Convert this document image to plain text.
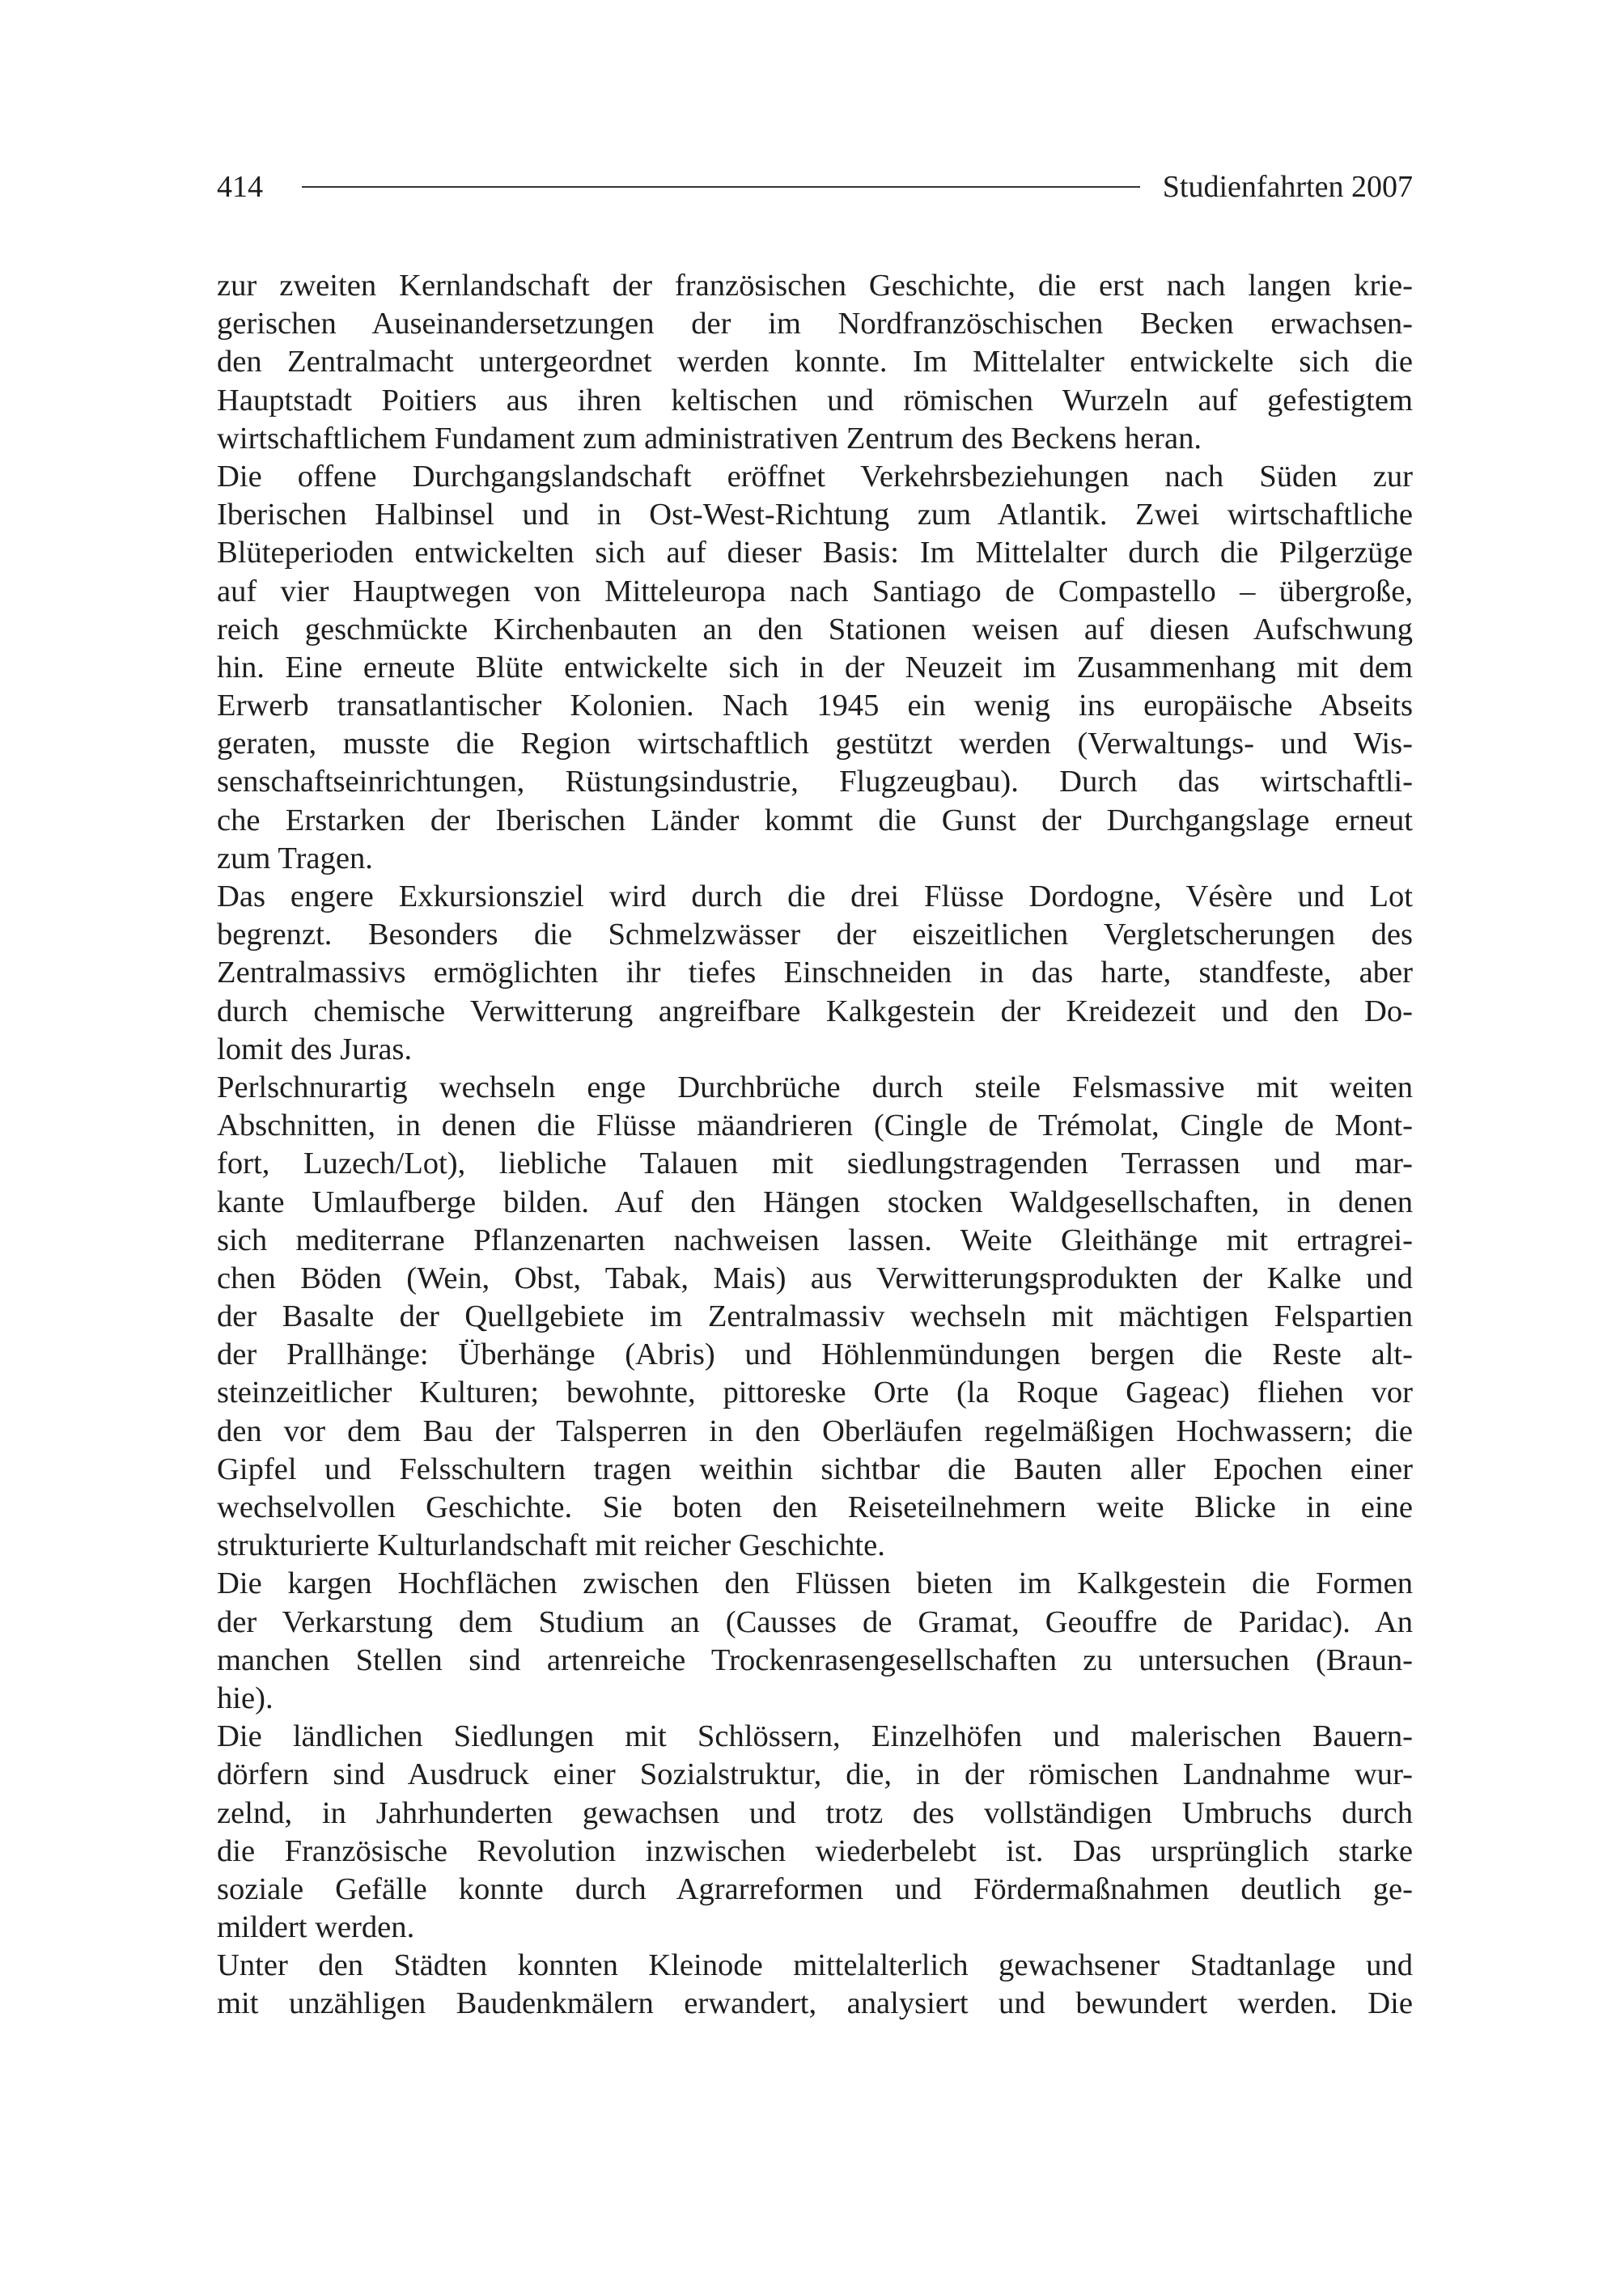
414	Studienfahrten 2007
zur zweiten Kernlandschaft der französischen Geschichte, die erst nach langen krie-
gerischen Auseinandersetzungen der im Nordfranzöschischen Becken erwachsen-
den Zentralmacht untergeordnet werden konnte. Im Mittelalter entwickelte sich die
Hauptstadt Poitiers aus ihren keltischen und römischen Wurzeln auf gefestigtem
wirtschaftlichem Fundament zum administrativen Zentrum des Beckens heran.
Die offene Durchgangslandschaft eröffnet Verkehrsbeziehungen nach Süden zur
Iberischen Halbinsel und in Ost-West-Richtung zum Atlantik. Zwei wirtschaftliche
Blüteperioden entwickelten sich auf dieser Basis: Im Mittelalter durch die Pilgerzüge
auf vier Hauptwegen von Mitteleuropa nach Santiago de Compastello – übergroße,
reich geschmückte Kirchenbauten an den Stationen weisen auf diesen Aufschwung
hin. Eine erneute Blüte entwickelte sich in der Neuzeit im Zusammenhang mit dem
Erwerb transatlantischer Kolonien. Nach 1945 ein wenig ins europäische Abseits
geraten, musste die Region wirtschaftlich gestützt werden (Verwaltungs- und Wis-
senschaftseinrichtungen, Rüstungsindustrie, Flugzeugbau). Durch das wirtschaftli-
che Erstarken der Iberischen Länder kommt die Gunst der Durchgangslage erneut
zum Tragen.
Das engere Exkursionsziel wird durch die drei Flüsse Dordogne, Vésère und Lot
begrenzt. Besonders die Schmelzwässer der eiszeitlichen Vergletscherungen des
Zentralmassivs ermöglichten ihr tiefes Einschneiden in das harte, standfeste, aber
durch chemische Verwitterung angreifbare Kalkgestein der Kreidezeit und den Do-
lomit des Juras.
Perlschnurartig wechseln enge Durchbrüche durch steile Felsmassive mit weiten
Abschnitten, in denen die Flüsse mäandrieren (Cingle de Trémolat, Cingle de Mont-
fort, Luzech/Lot), liebliche Talauen mit siedlungstragenden Terrassen und mar-
kante Umlaufberge bilden. Auf den Hängen stocken Waldgesellschaften, in denen
sich mediterrane Pflanzenarten nachweisen lassen. Weite Gleithänge mit ertragrei-
chen Böden (Wein, Obst, Tabak, Mais) aus Verwitterungsprodukten der Kalke und
der Basalte der Quellgebiete im Zentralmassiv wechseln mit mächtigen Felspartien
der Prallhänge: Überhänge (Abris) und Höhlenmündungen bergen die Reste alt-
steinzeitlicher Kulturen; bewohnte, pittoreske Orte (la Roque Gageac) fliehen vor
den vor dem Bau der Talsperren in den Oberläufen regelmäßigen Hochwassern; die
Gipfel und Felsschultern tragen weithin sichtbar die Bauten aller Epochen einer
wechselvollen Geschichte. Sie boten den Reiseteilnehmern weite Blicke in eine
strukturierte Kulturlandschaft mit reicher Geschichte.
Die kargen Hochflächen zwischen den Flüssen bieten im Kalkgestein die Formen
der Verkarstung dem Studium an (Causses de Gramat, Geouffre de Paridac). An
manchen Stellen sind artenreiche Trockenrasengesellschaften zu untersuchen (Braun-
hie).
Die ländlichen Siedlungen mit Schlössern, Einzelhöfen und malerischen Bauern-
dörfern sind Ausdruck einer Sozialstruktur, die, in der römischen Landnahme wur-
zelnd, in Jahrhunderten gewachsen und trotz des vollständigen Umbruchs durch
die Französische Revolution inzwischen wiederbelebt ist. Das ursprünglich starke
soziale Gefälle konnte durch Agrarreformen und Fördermaßnahmen deutlich ge-
mildert werden.
Unter den Städten konnten Kleinode mittelalterlich gewachsener Stadtanlage und
mit unzähligen Baudenkmälern erwandert, analysiert und bewundert werden. Die
